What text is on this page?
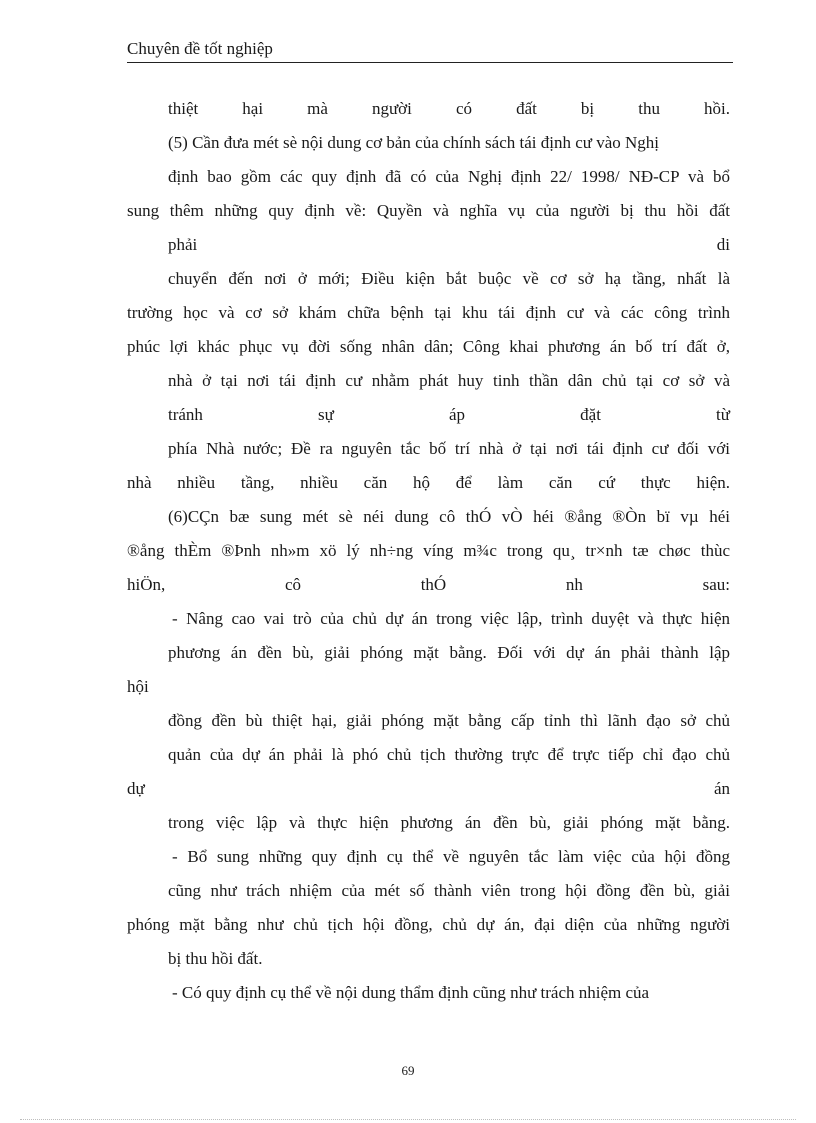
Chuyên đề tốt nghiệp
thiệt hại mà người có đất bị thu hồi.
(5) Cần đưa mét sè nội dung cơ bản của chính sách tái định cư vào Nghị
định bao gồm các quy định đã có của Nghị định 22/ 1998/ NĐ-CP và bổ
sung thêm những quy định về: Quyền và nghĩa vụ của người bị thu hồi đất
phải di
chuyển đến nơi ở mới; Điều kiện bắt buộc về cơ sở hạ tầng, nhất là
trường học và cơ sở khám chữa bệnh tại khu tái định cư và các công trình
phúc lợi khác phục vụ đời sống nhân dân; Công khai phương án bố trí đất ở,
nhà ở tại nơi tái định cư nhằm phát huy tinh thần dân chủ tại cơ sở và
tránh sự áp đặt từ
phía Nhà nước; Đề ra nguyên tắc bố trí nhà ở tại nơi tái định cư đối với
nhà nhiều tầng, nhiều căn hộ để làm căn cứ thực hiện.
(6)CÇn bæ sung mét sè néi dung cô thÓ vÒ héi ®ång ®Òn bï vµ héi
®ång thÈm ®Þnh nh»m xö lý nh÷ng víng m¾c trong qu¸ tr×nh tæ chøc thùc
hiÖn, cô thÓ nh sau:
- Nâng cao vai trò của chủ dự án trong việc lập, trình duyệt và thực hiện
phương án đền bù, giải phóng mặt bằng. Đối với dự án phải thành lập
hội
đồng đền bù thiệt hại, giải phóng mặt bằng cấp tỉnh thì lãnh đạo sở chủ
quản của dự án phải là phó chủ tịch thường trực để trực tiếp chỉ đạo chủ
dự án
trong việc lập và thực hiện phương án đền bù, giải phóng mặt bằng.
- Bổ sung những quy định cụ thể về nguyên tắc làm việc của hội đồng
cũng như trách nhiệm của mét số thành viên trong hội đồng đền bù, giải
phóng mặt bằng như chủ tịch hội đồng, chủ dự án, đại diện của những người
bị thu hồi đất.
- Có quy định cụ thể về nội dung thẩm định cũng như trách nhiệm của
69
